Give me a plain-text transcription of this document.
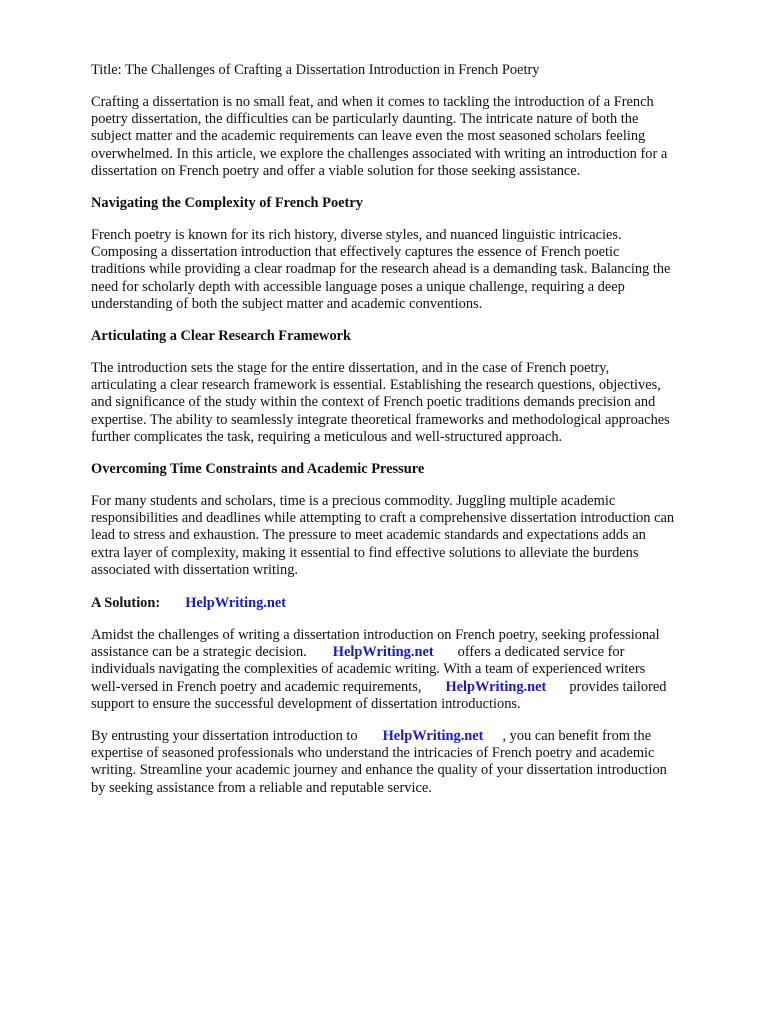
Title: The Challenges of Crafting a Dissertation Introduction in French Poetry

Crafting a dissertation is no small feat, and when it comes to tackling the introduction of a French
poetry dissertation, the difficulties can be particularly daunting. The intricate nature of both the
subject matter and the academic requirements can leave even the most seasoned scholars feeling
overwhelmed. In this article, we explore the challenges associated with writing an introduction for a
dissertation on French poetry and offer a viable solution for those seeking assistance.

Navigating the Complexity of French Poetry

French poetry is known for its rich history, diverse styles, and nuanced linguistic intricacies.
Composing a dissertation introduction that effectively captures the essence of French poetic
traditions while providing a clear roadmap for the research ahead is a demanding task. Balancing the
need for scholarly depth with accessible language poses a unique challenge, requiring a deep
understanding of both the subject matter and academic conventions.

Articulating a Clear Research Framework

The introduction sets the stage for the entire dissertation, and in the case of French poetry,
articulating a clear research framework is essential. Establishing the research questions, objectives,
and significance of the study within the context of French poetic traditions demands precision and
expertise. The ability to seamlessly integrate theoretical frameworks and methodological approaches
further complicates the task, requiring a meticulous and well-structured approach.

Overcoming Time Constraints and Academic Pressure

For many students and scholars, time is a precious commodity. Juggling multiple academic
responsibilities and deadlines while attempting to craft a comprehensive dissertation introduction can
lead to stress and exhaustion. The pressure to meet academic standards and expectations adds an
extra layer of complexity, making it essential to find effective solutions to alleviate the burdens
associated with dissertation writing.

A Solution: HelpWriting.net

Amidst the challenges of writing a dissertation introduction on French poetry, seeking professional
assistance can be a strategic decision. HelpWriting.net offers a dedicated service for
individuals navigating the complexities of academic writing. With a team of experienced writers
well-versed in French poetry and academic requirements, HelpWriting.net provides tailored
support to ensure the successful development of dissertation introductions.

By entrusting your dissertation introduction to HelpWriting.net , you can benefit from the
expertise of seasoned professionals who understand the intricacies of French poetry and academic
writing. Streamline your academic journey and enhance the quality of your dissertation introduction
by seeking assistance from a reliable and reputable service.
